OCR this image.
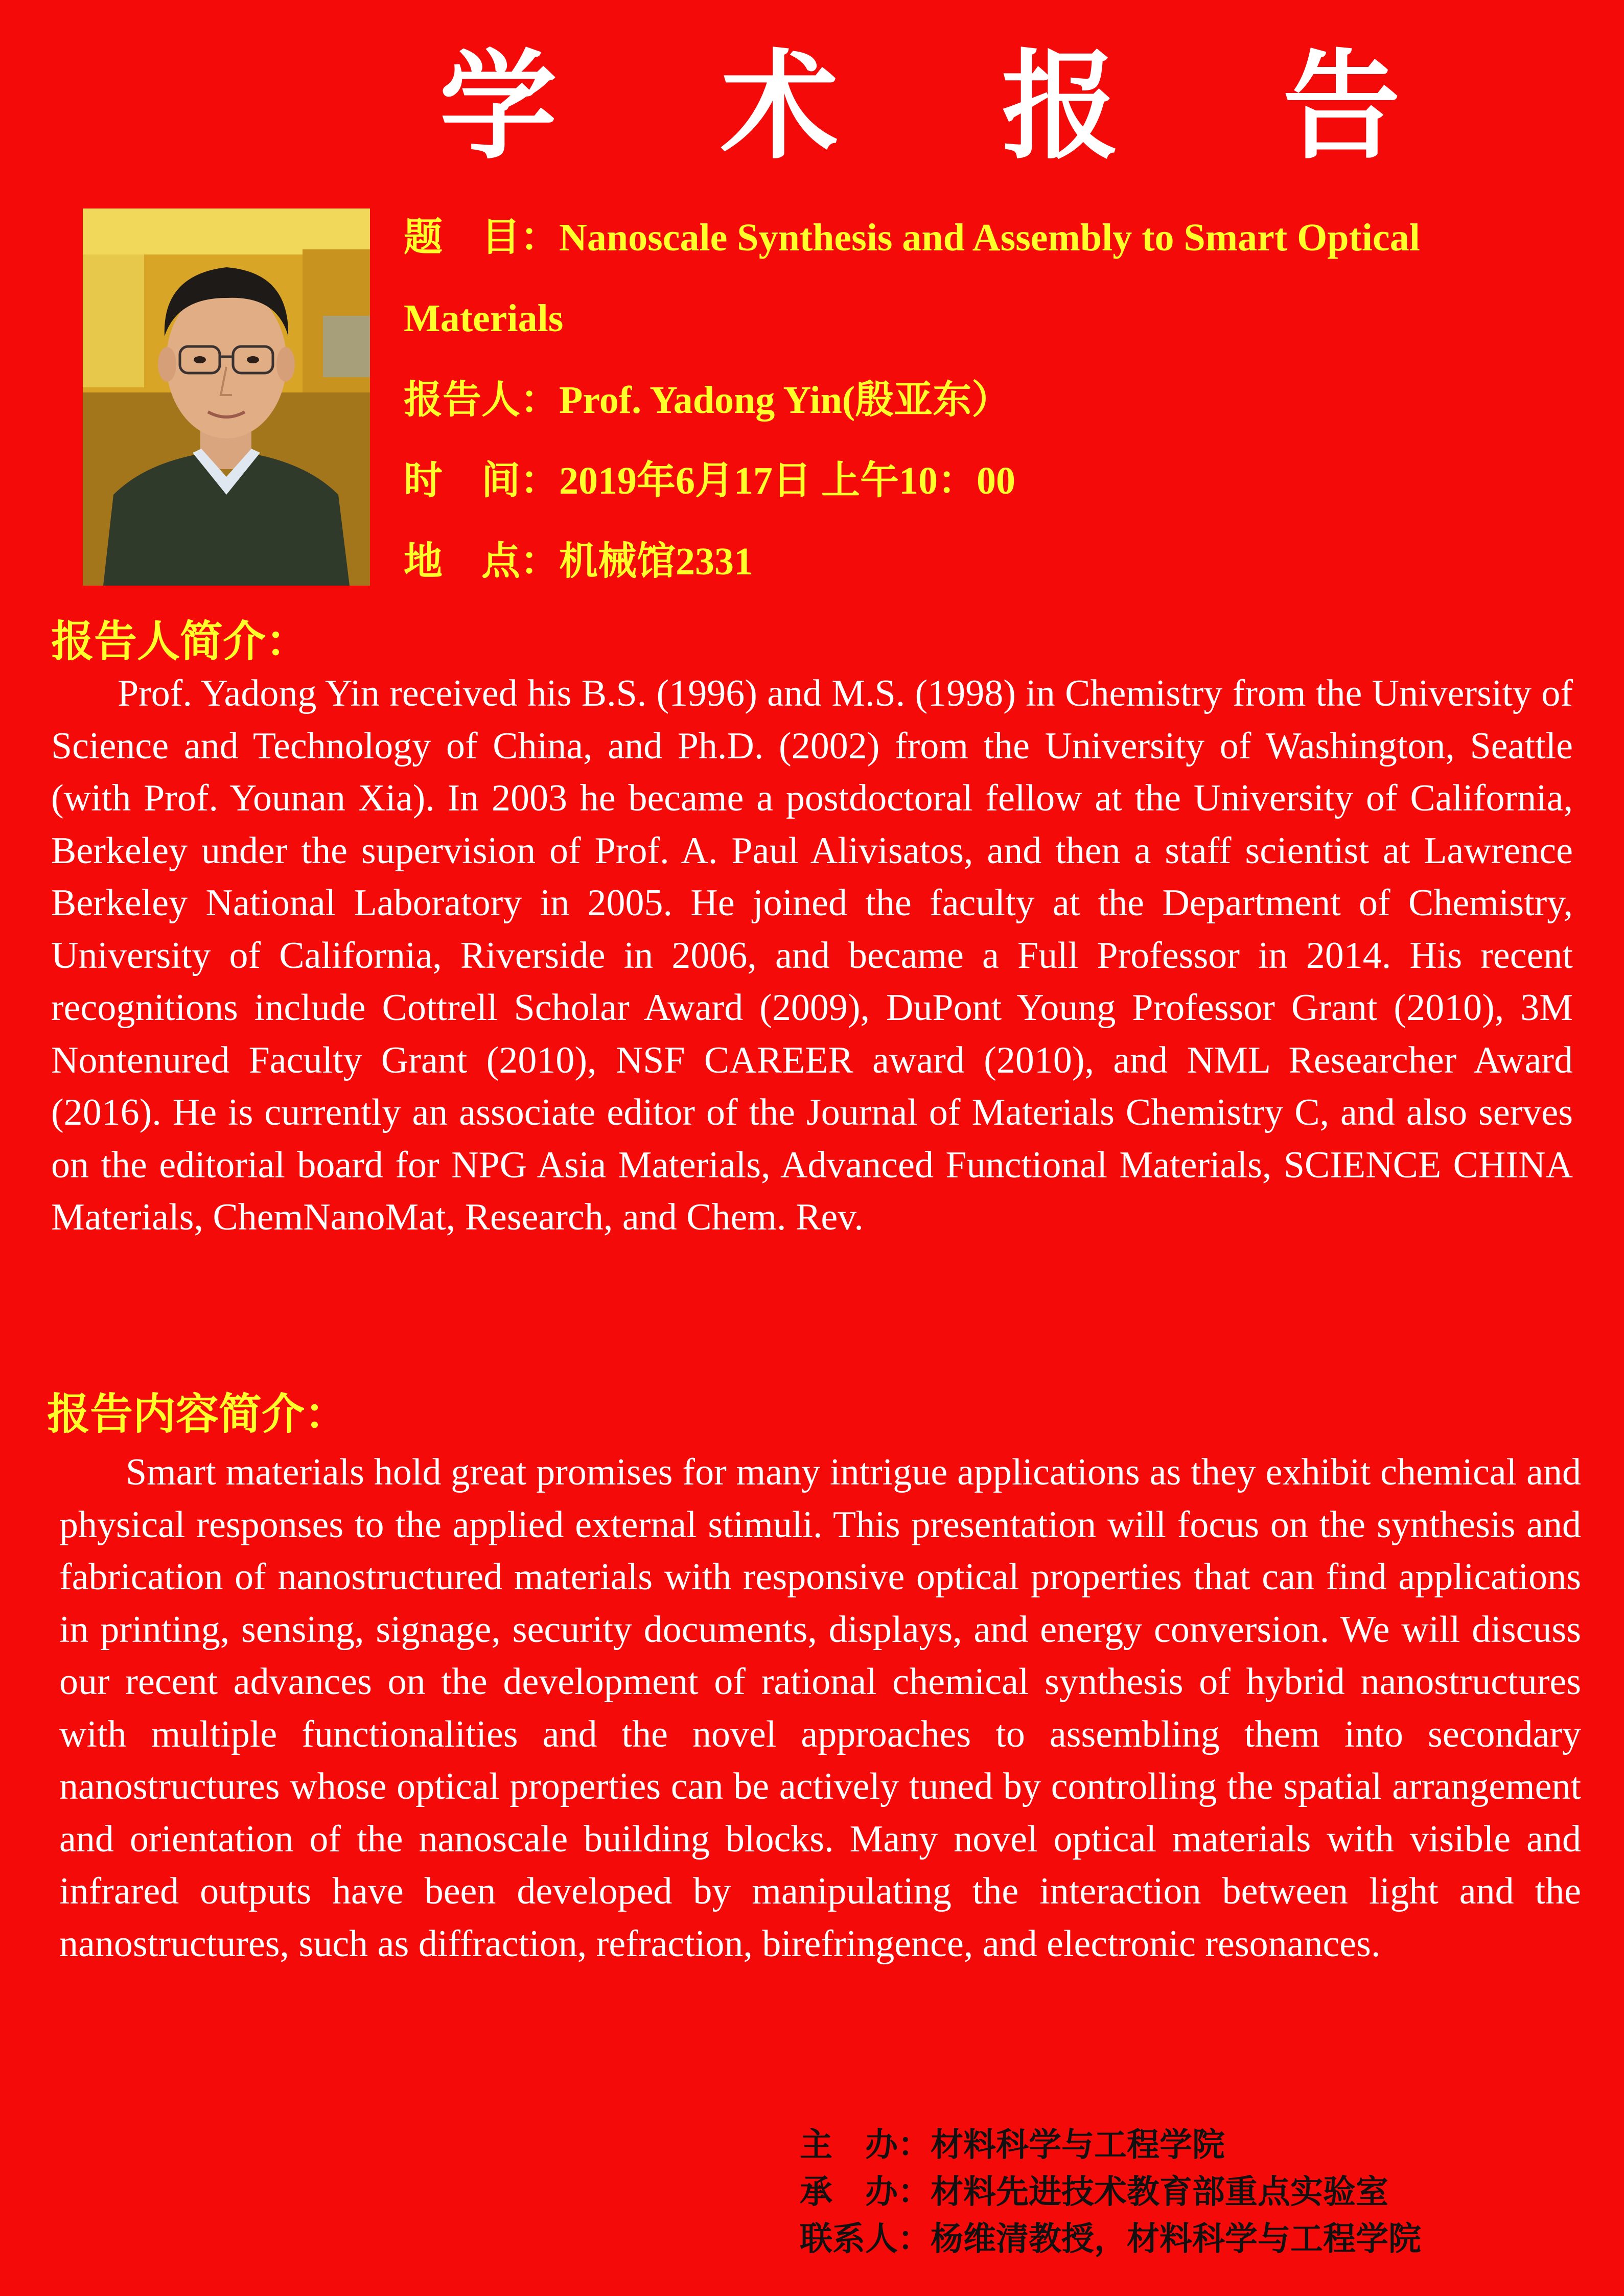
学 术 报 告
题　目：Nanoscale Synthesis and Assembly to Smart Optical
Materials
报告人：Prof. Yadong Yin(殷亚东）
时　间：2019年6月17日 上午10：00
地　点：机械馆2331
报告人简介：

Prof. Yadong Yin received his B.S. (1996) and M.S. (1998) in Chemistry from the University of Science and Technology of China, and Ph.D. (2002) from the University of Washington, Seattle (with Prof. Younan Xia). In 2003 he became a postdoctoral fellow at the University of California, Berkeley under the supervision of Prof. A. Paul Alivisatos, and then a staff scientist at Lawrence Berkeley National Laboratory in 2005. He joined the faculty at the Department of Chemistry, University of California, Riverside in 2006, and became a Full Professor in 2014. His recent recognitions include Cottrell Scholar Award (2009), DuPont Young Professor Grant (2010), 3M Nontenured Faculty Grant (2010), NSF CAREER award (2010), and NML Researcher Award (2016). He is currently an associate editor of the Journal of Materials Chemistry C, and also serves on the editorial board for NPG Asia Materials, Advanced Functional Materials, SCIENCE CHINA Materials, ChemNanoMat, Research, and Chem. Rev.

报告内容简介：

Smart materials hold great promises for many intrigue applications as they exhibit chemical and physical responses to the applied external stimuli. This presentation will focus on the synthesis and fabrication of nanostructured materials with responsive optical properties that can find applications in printing, sensing, signage, security documents, displays, and energy conversion. We will discuss our recent advances on the development of rational chemical synthesis of hybrid nanostructures with multiple functionalities and the novel approaches to assembling them into secondary nanostructures whose optical properties can be actively tuned by controlling the spatial arrangement and orientation of the nanoscale building blocks. Many novel optical materials with visible and infrared outputs have been developed by manipulating the interaction between light and the nanostructures, such as diffraction, refraction, birefringence, and electronic resonances.

主　办：材料科学与工程学院
承　办：材料先进技术教育部重点实验室
联系人：杨维清教授，材料科学与工程学院
